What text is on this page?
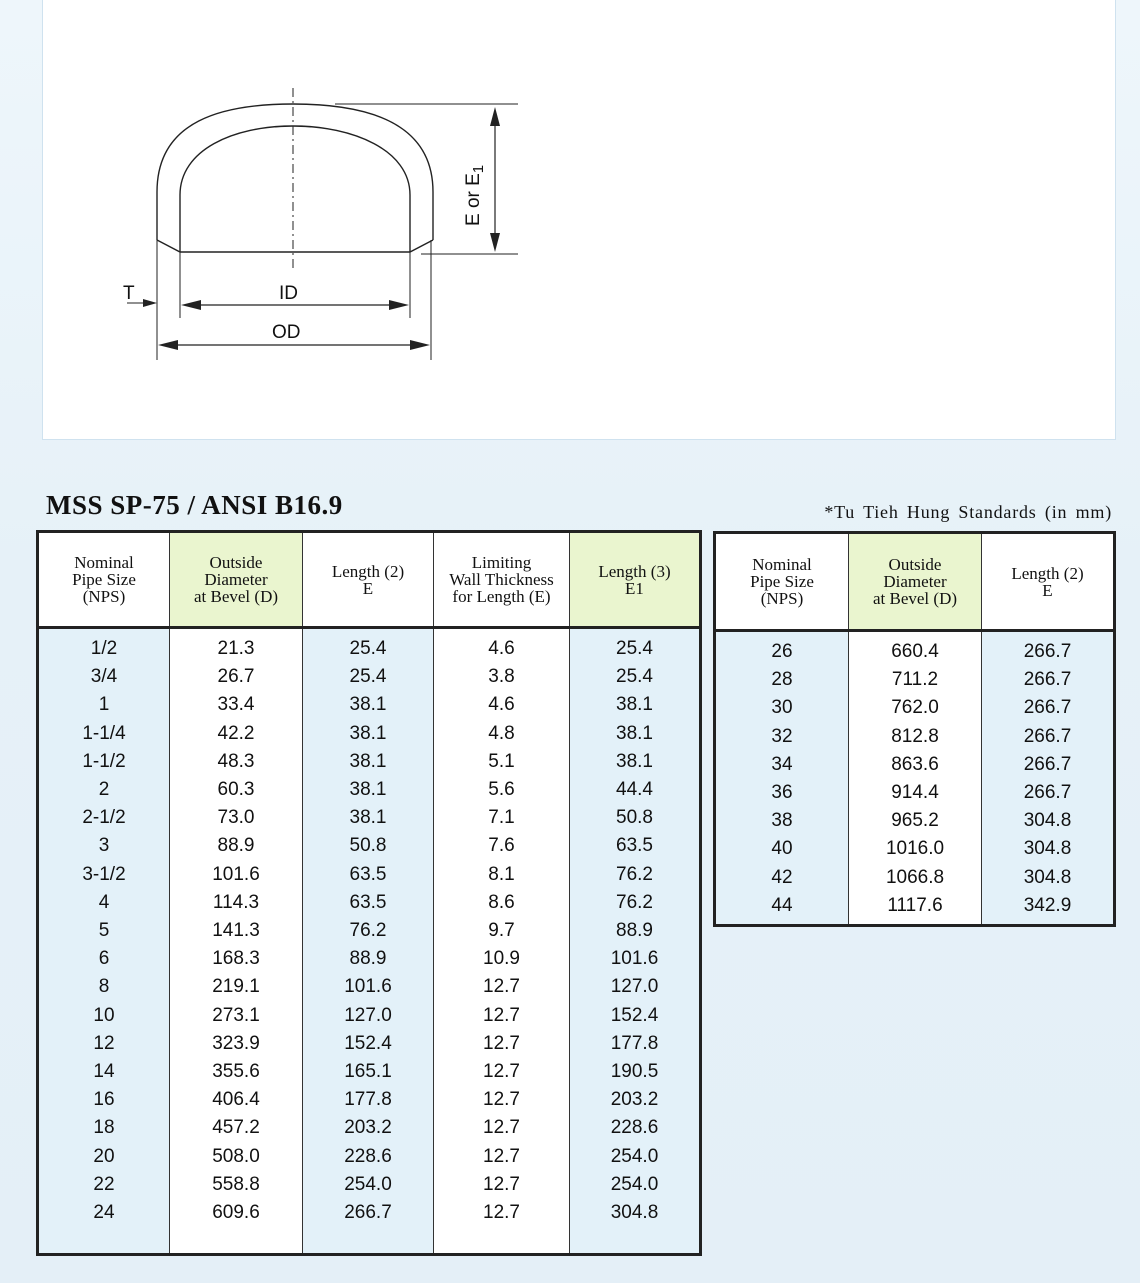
T	ID
OD
E or $E_1$
MSS SP-75 / ANSI B16.9	*Tu Tieh Hung Standards (in mm)
Nominal
Pipe Size
(NPS)	Outside
Diameter
at Bevel (D)	Length (2)
E	Limiting
Wall Thickness
for Length (E)	Length (3)
E1
1/2	21.3	25.4	4.6	25.4
3/4	26.7	25.4	3.8	25.4
1	33.4	38.1	4.6	38.1
1-1/4	42.2	38.1	4.8	38.1
1-1/2	48.3	38.1	5.1	38.1
2	60.3	38.1	5.6	44.4
2-1/2	73.0	38.1	7.1	50.8
3	88.9	50.8	7.6	63.5
3-1/2	101.6	63.5	8.1	76.2
4	114.3	63.5	8.6	76.2
5	141.3	76.2	9.7	88.9
6	168.3	88.9	10.9	101.6
8	219.1	101.6	12.7	127.0
10	273.1	127.0	12.7	152.4
12	323.9	152.4	12.7	177.8
14	355.6	165.1	12.7	190.5
16	406.4	177.8	12.7	203.2
18	457.2	203.2	12.7	228.6
20	508.0	228.6	12.7	254.0
22	558.8	254.0	12.7	254.0
24	609.6	266.7	12.7	304.8
Nominal
Pipe Size
(NPS)	Outside
Diameter
at Bevel (D)	Length (2)
E
26	660.4	266.7
28	711.2	266.7
30	762.0	266.7
32	812.8	266.7
34	863.6	266.7
36	914.4	266.7
38	965.2	304.8
40	1016.0	304.8
42	1066.8	304.8
44	1117.6	342.9
